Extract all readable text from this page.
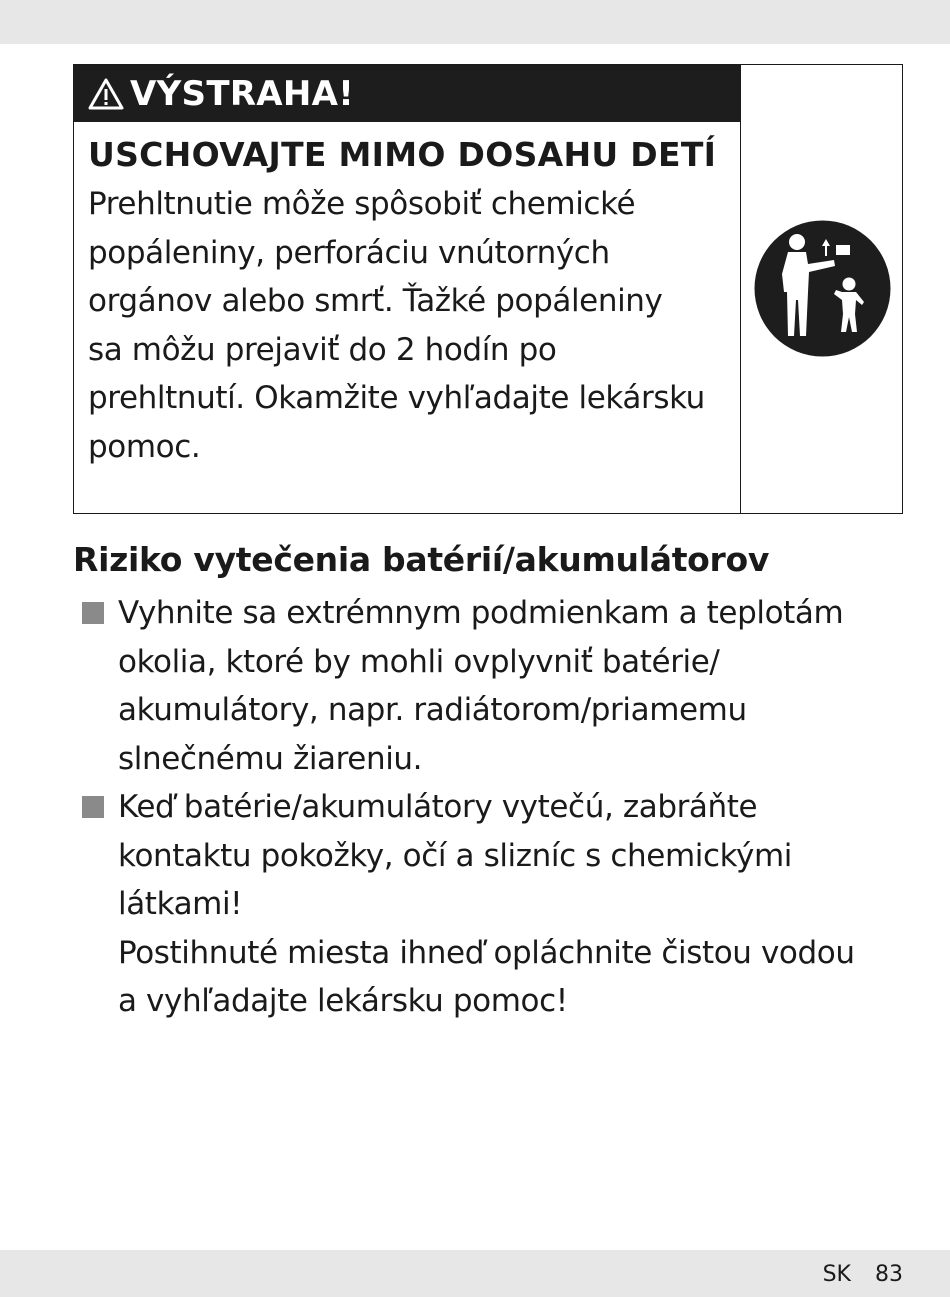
VÝSTRAHA!
USCHOVAJTE MIMO DOSAHU DETÍ
Prehltnutie môže spôsobiť chemické
popáleniny, perforáciu vnútorných
orgánov alebo smrť. Ťažké popáleniny
sa môžu prejaviť do 2 hodín po
prehltnutí. Okamžite vyhľadajte lekársku
pomoc.
Riziko vytečenia batérií/akumulátorov
Vyhnite sa extrémnym podmienkam a teplotám
okolia, ktoré by mohli ovplyvniť batérie/
akumulátory, napr. radiátorom/priamemu
slnečnému žiareniu.
Keď batérie/akumulátory vytečú, zabráňte
kontaktu pokožky, očí a slizníc s chemickými
látkami!
Postihnuté miesta ihneď opláchnite čistou vodou
a vyhľadajte lekársku pomoc!
SK 83
